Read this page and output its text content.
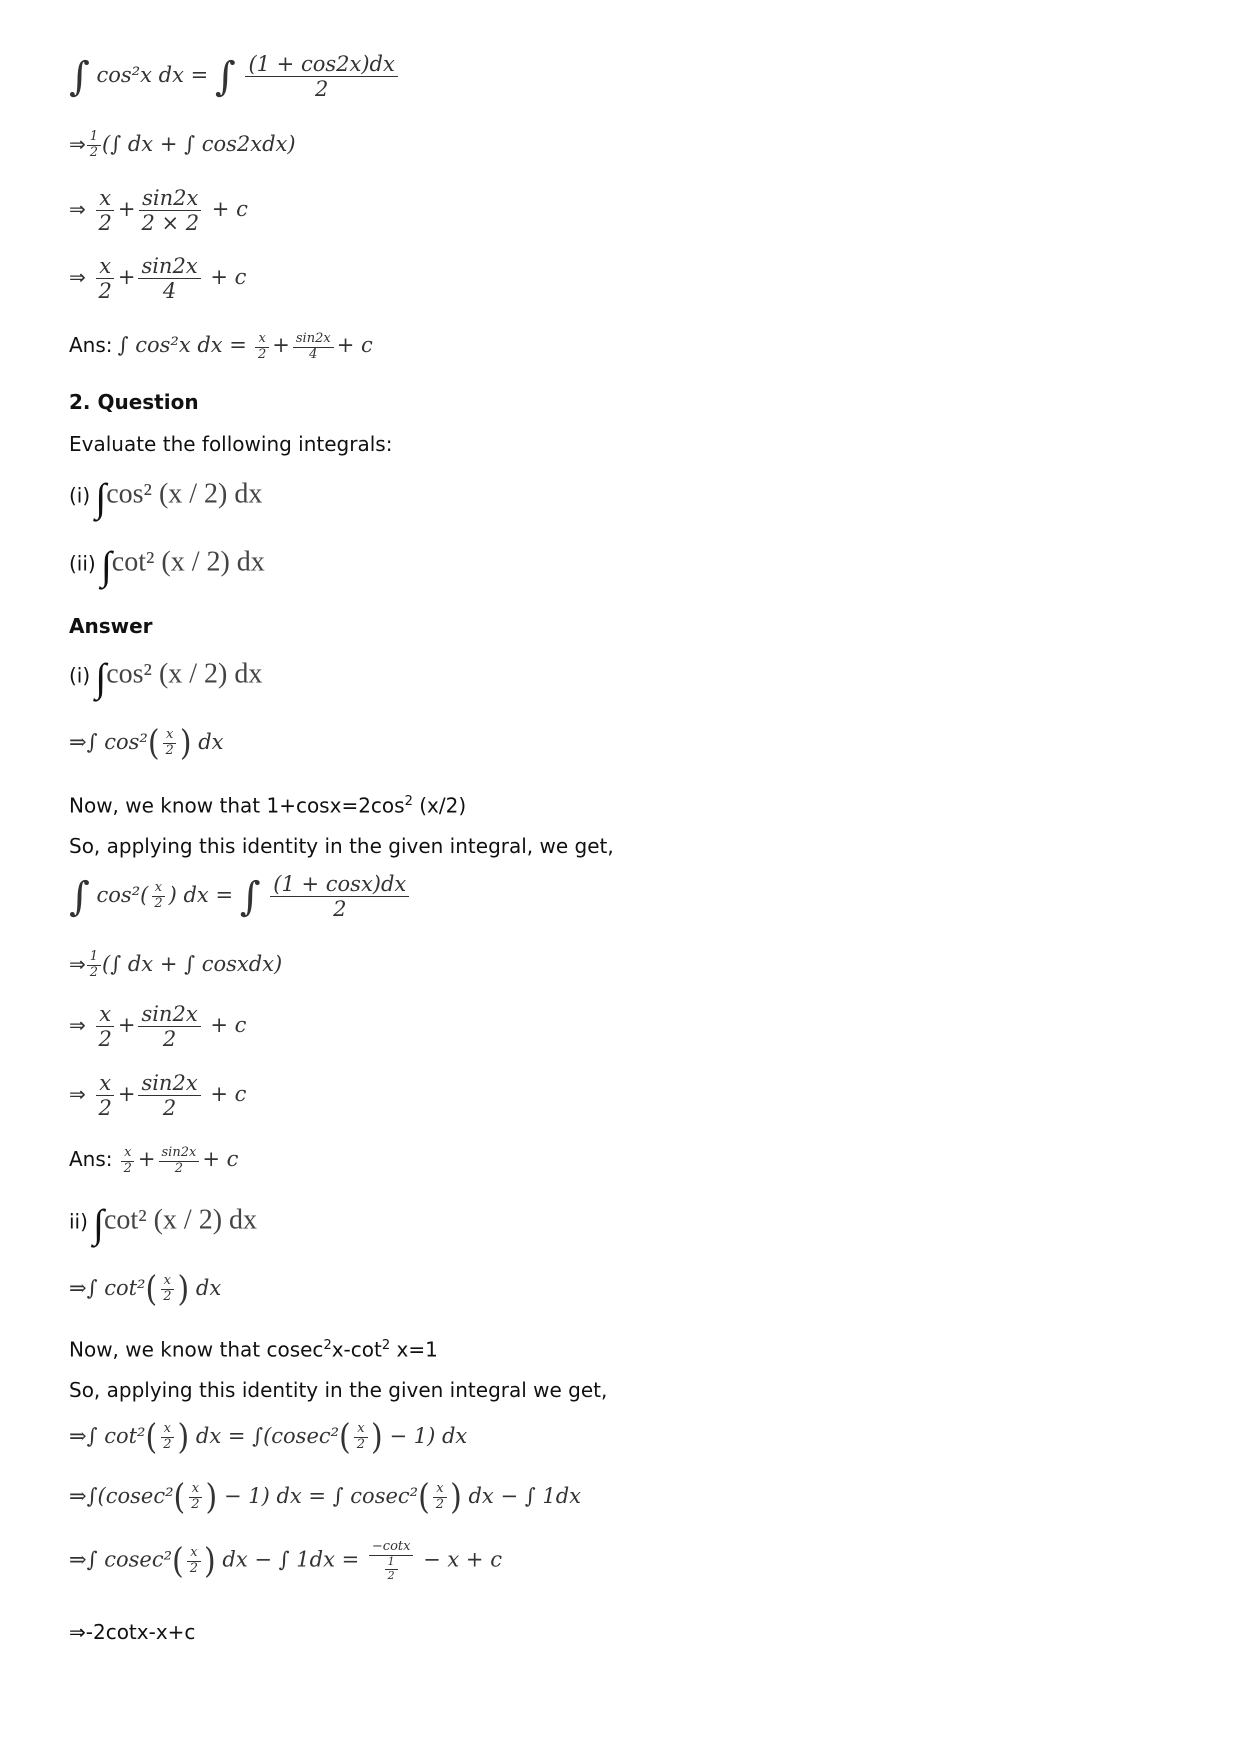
∫ cos²x dx = ∫ $\frac{(1 + \cos 2x)dx}{2}$
⇒ $\frac{1}{2}$ (∫ dx + ∫ cos2xdx)
⇒ $\frac{x}{2} + \frac{\sin 2x}{2 \times 2} + c$
⇒ $\frac{x}{2} + \frac{\sin 2x}{4} + c$
Ans: ∫ cos²x dx = $\frac{x}{2} + \frac{\sin 2x}{4} + c$
2. Question
Evaluate the following integrals:
(i) ∫cos² (x / 2) dx
(ii) ∫cot² (x / 2) dx
Answer
(i) ∫cos² (x / 2) dx
⇒∫ $\cos^2( \frac{x}{2}$ ) dx
Now, we know that $1+\cos x=2\cos^2$ (x/2)
So, applying this identity in the given integral, we get,
∫ $\cos^2( \frac{x}{2}$ ) dx = ∫ $\frac{(1 + \cos x)dx}{2}$
⇒ $\frac{1}{2}$ (∫ dx + ∫ cosxdx)
⇒ $\frac{x}{2} + \frac{\sin 2x}{2} + c$
⇒ $\frac{x}{2} + \frac{\sin 2x}{2} + c$
Ans: $\frac{x}{2} + \frac{\sin 2x}{2} + c$
ii) ∫cot² (x / 2) dx
⇒∫ $\cot^2( \frac{x}{2}$ ) dx
Now, we know that $cosec^2x-\cot^2$ x=1
So, applying this identity in the given integral we get,
⇒∫ $\cot^2( \frac{x}{2}$ ) dx = $\int(cosec^2( \frac{x}{2}$ ) − 1) dx
⇒∫(cosec²( $\frac{x}{2}$ ) − 1) dx = ∫ $cosec^2( \frac{x}{2}$ ) dx − ∫ 1dx
⇒∫ $cosec^2( \frac{x}{2}$ ) dx − ∫ $1dx = \frac{-\cot x}{\frac{1}{2}} - x + c$
⇒-2cotx-x+c
